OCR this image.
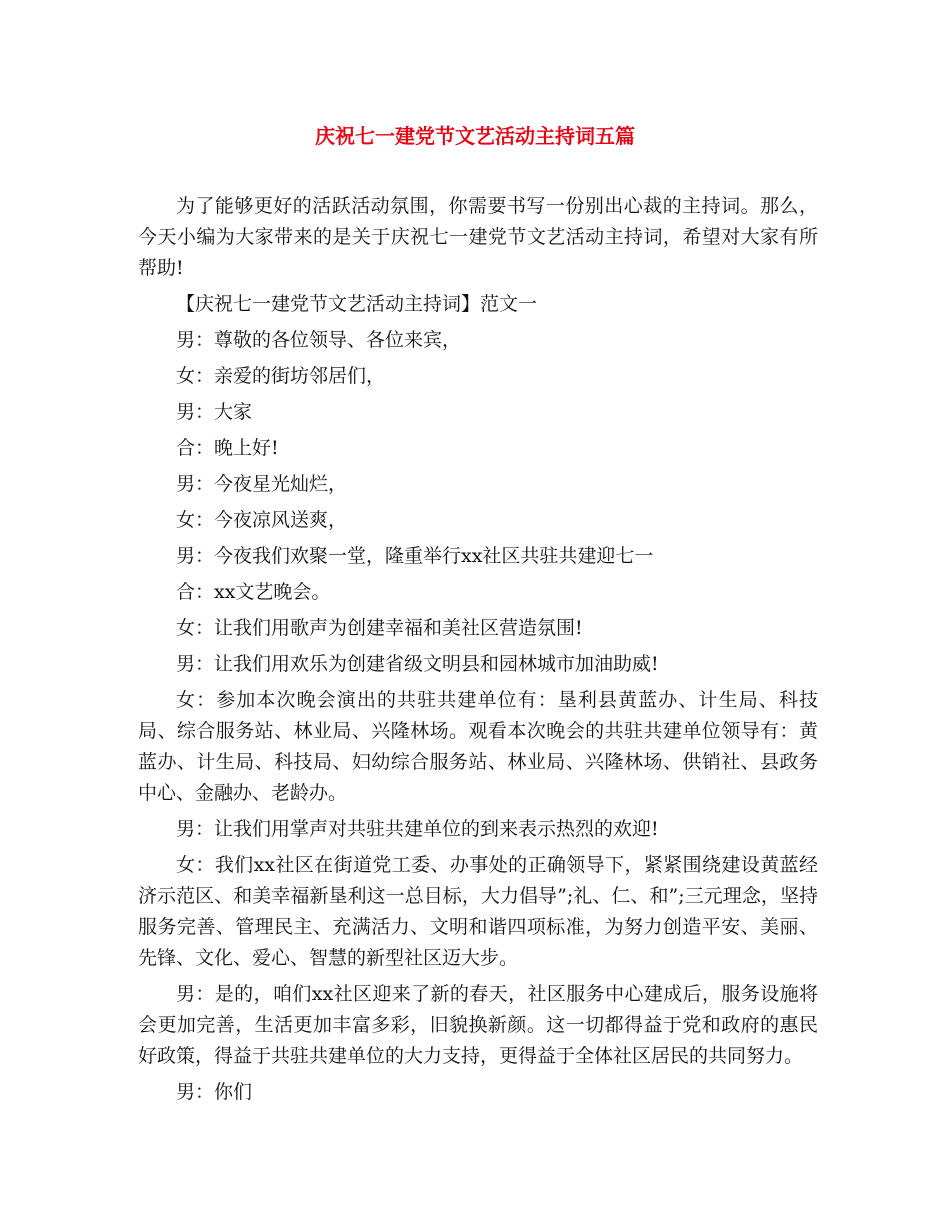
庆祝七一建党节文艺活动主持词五篇

为了能够更好的活跃活动氛围，你需要书写一份别出心裁的主持词。那么，今天小编为大家带来的是关于庆祝七一建党节文艺活动主持词，希望对大家有所帮助!

【庆祝七一建党节文艺活动主持词】范文一

男：尊敬的各位领导、各位来宾，

女：亲爱的街坊邻居们，

男：大家

合：晚上好!

男：今夜星光灿烂，

女：今夜凉风送爽，

男：今夜我们欢聚一堂，隆重举行xx社区共驻共建迎七一

合：xx文艺晚会。

女：让我们用歌声为创建幸福和美社区营造氛围!

男：让我们用欢乐为创建省级文明县和园林城市加油助威!

女：参加本次晚会演出的共驻共建单位有：垦利县黄蓝办、计生局、科技局、综合服务站、林业局、兴隆林场。观看本次晚会的共驻共建单位领导有：黄蓝办、计生局、科技局、妇幼综合服务站、林业局、兴隆林场、供销社、县政务中心、金融办、老龄办。

男：让我们用掌声对共驻共建单位的到来表示热烈的欢迎!

女：我们xx社区在街道党工委、办事处的正确领导下，紧紧围绕建设黄蓝经济示范区、和美幸福新垦利这一总目标，大力倡导”;礼、仁、和”;三元理念，坚持服务完善、管理民主、充满活力、文明和谐四项标准，为努力创造平安、美丽、先锋、文化、爱心、智慧的新型社区迈大步。

男：是的，咱们xx社区迎来了新的春天，社区服务中心建成后，服务设施将会更加完善，生活更加丰富多彩，旧貌换新颜。这一切都得益于党和政府的惠民好政策，得益于共驻共建单位的大力支持，更得益于全体社区居民的共同努力。

男：你们
